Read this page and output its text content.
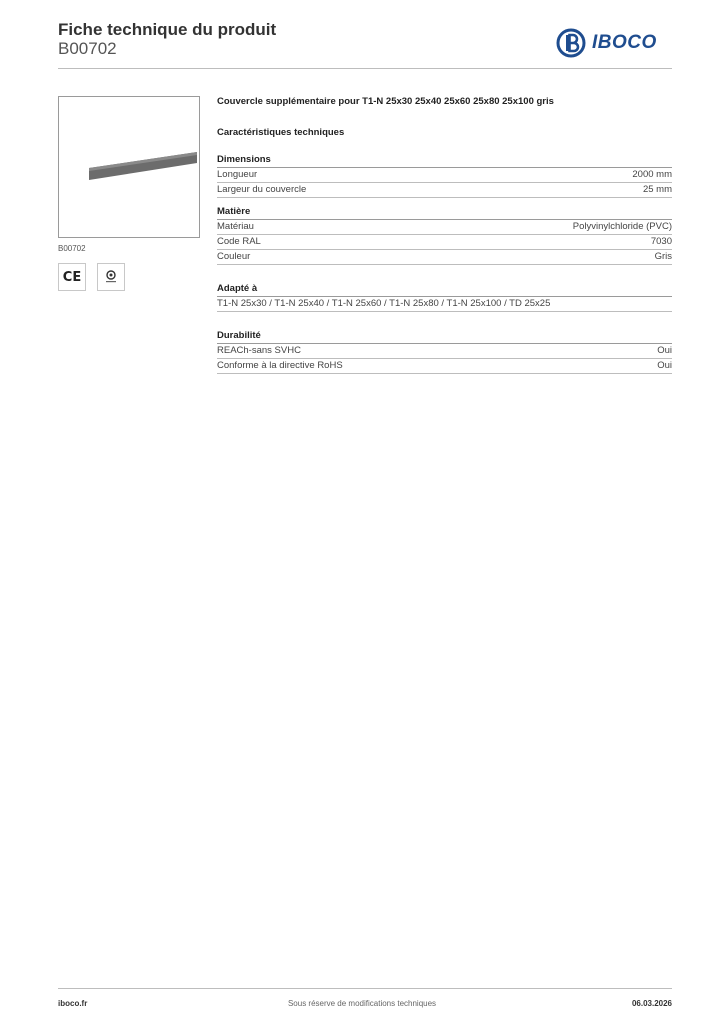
Fiche technique du produit
B00702	IBOCO
B00702
CE
Couvercle supplémentaire pour T1-N 25x30 25x40 25x60 25x80 25x100 gris
Caractéristiques techniques
Dimensions
Longueur	2000 mm
Largeur du couvercle	25 mm
Matière
Matériau	Polyvinylchloride (PVC)
Code RAL	7030
Couleur	Gris
Adapté à
T1-N 25x30 / T1-N 25x40 / T1-N 25x60 / T1-N 25x80 / T1-N 25x100 / TD 25x25
Durabilité
REACh-sans SVHC	Oui
Conforme à la directive RoHS	Oui
iboco.fr	Sous réserve de modifications techniques	06.03.2026
